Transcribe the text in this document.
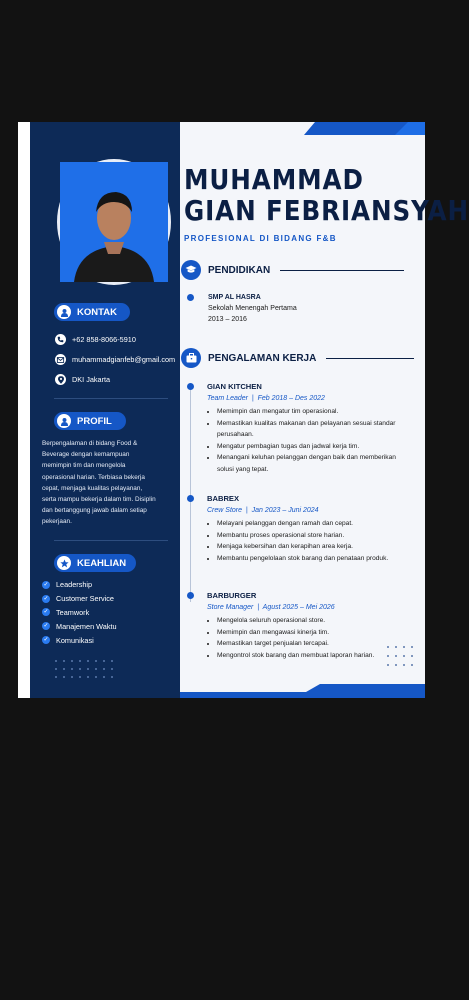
KONTAK
+62 858-8066-5910
muhammadgianfeb@gmail.com
DKI Jakarta
PROFIL
KEAHLIAN
Berpengalaman di bidang Food & Beverage dengan kemampuan memimpin tim dan mengelola operasional harian. Terbiasa bekerja cepat, menjaga kualitas pelayanan, serta mampu bekerja dalam tim. Disiplin dan bertanggung jawab dalam setiap pekerjaan.
✓ Leadership
✓ Customer Service
✓ Teamwork
✓ Manajemen Waktu
✓ Komunikasi
MUHAMMAD
GIAN FEBRIANSYAH
PROFESIONAL DI BIDANG F&B
PENDIDIKAN
SMP AL HASRA
Sekolah Menengah Pertama
2013 – 2016
PENGALAMAN KERJA
GIAN KITCHEN
Team Leader  |  Feb 2018 – Des 2022
• Memimpin dan mengatur tim operasional.
• Memastikan kualitas makanan dan pelayanan sesuai standar perusahaan.
• Mengatur pembagian tugas dan jadwal kerja tim.
• Menangani keluhan pelanggan dengan baik dan memberikan solusi yang tepat.
BABREX
Crew Store  |  Jan 2023 – Juni 2024
• Melayani pelanggan dengan ramah dan cepat.
• Membantu proses operasional store harian.
• Menjaga kebersihan dan kerapihan area kerja.
• Membantu pengelolaan stok barang dan penataan produk.
BARBURGER
Store Manager  |  Agust 2025 – Mei 2026
• Mengelola seluruh operasional store.
• Memimpin dan mengawasi kinerja tim.
• Memastikan target penjualan tercapai.
• Mengontrol stok barang dan membuat laporan harian.
